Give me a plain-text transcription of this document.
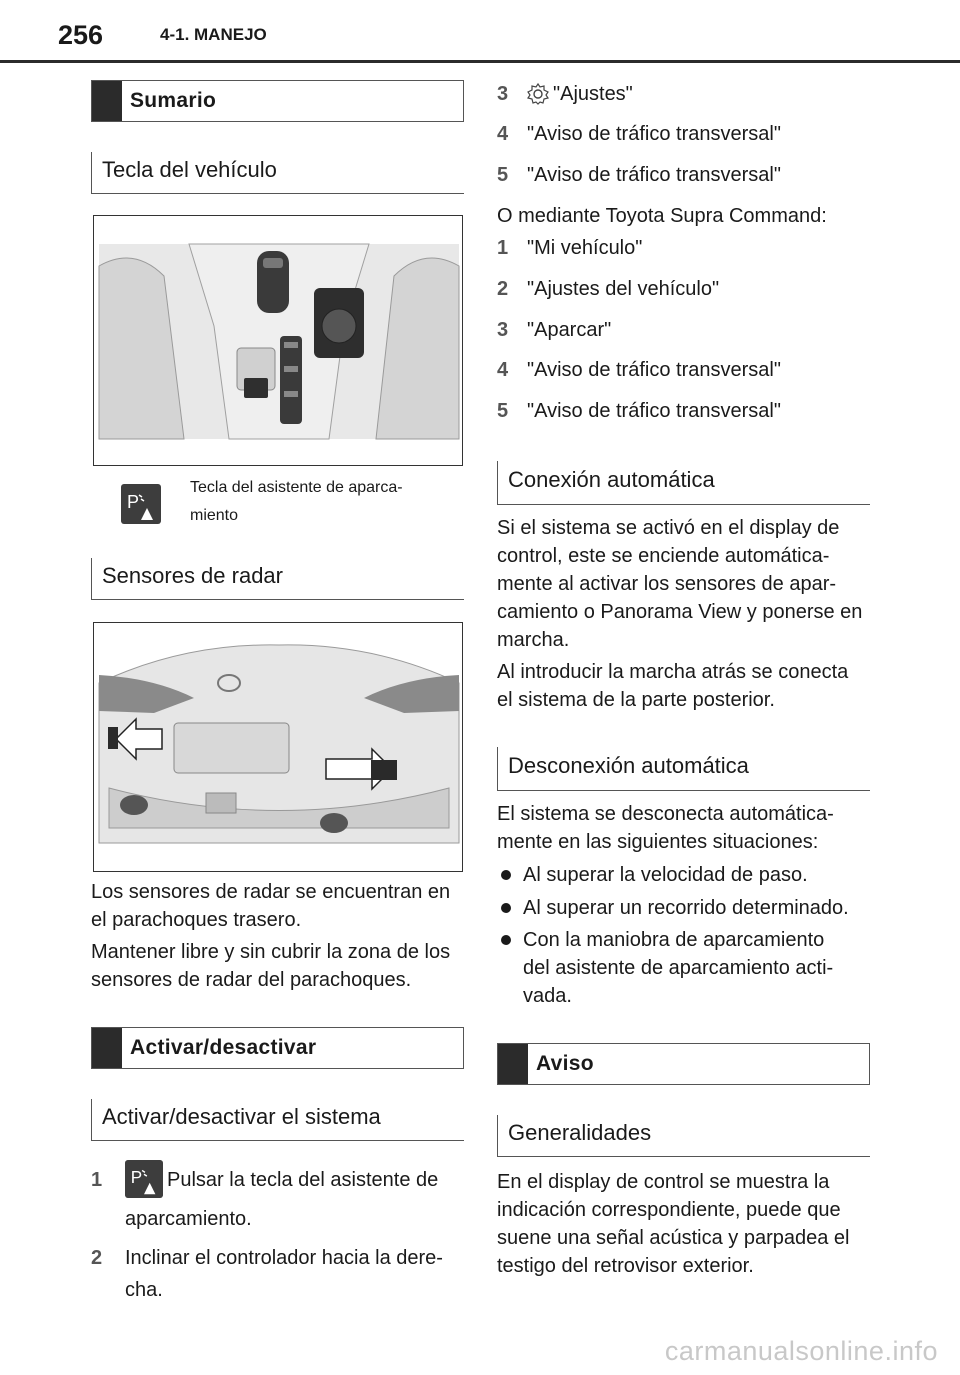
256	4-1. MANEJO
Sumario
Tecla del vehículo
P
Tecla del asistente de aparca-
miento
Sensores de radar
Los sensores de radar se encuentran en el parachoques trasero.
Mantener libre y sin cubrir la zona de los sensores de radar del parachoques.
Activar/desactivar
Activar/desactivar el sistema
1 P Pulsar la tecla del asistente de
aparcamiento.
2 Inclinar el controlador hacia la dere-
cha.
3 "Ajustes"
4 "Aviso de tráfico transversal"
5 "Aviso de tráfico transversal"
O mediante Toyota Supra Command:
1 "Mi vehículo"
2 "Ajustes del vehículo"
3 "Aparcar"
4 "Aviso de tráfico transversal"
5 "Aviso de tráfico transversal"
Conexión automática
Si el sistema se activó en el display de control, este se enciende automática-mente al activar los sensores de apar-camiento o Panorama View y ponerse en marcha.
Al introducir la marcha atrás se conecta el sistema de la parte posterior.
Desconexión automática
El sistema se desconecta automática-mente en las siguientes situaciones:
Al superar la velocidad de paso.
Al superar un recorrido determinado.
Con la maniobra de aparcamiento del asistente de aparcamiento acti-vada.
Aviso
Generalidades
En el display de control se muestra la indicación correspondiente, puede que suene una señal acústica y parpadea el testigo del retrovisor exterior.
carmanualsonline.info
